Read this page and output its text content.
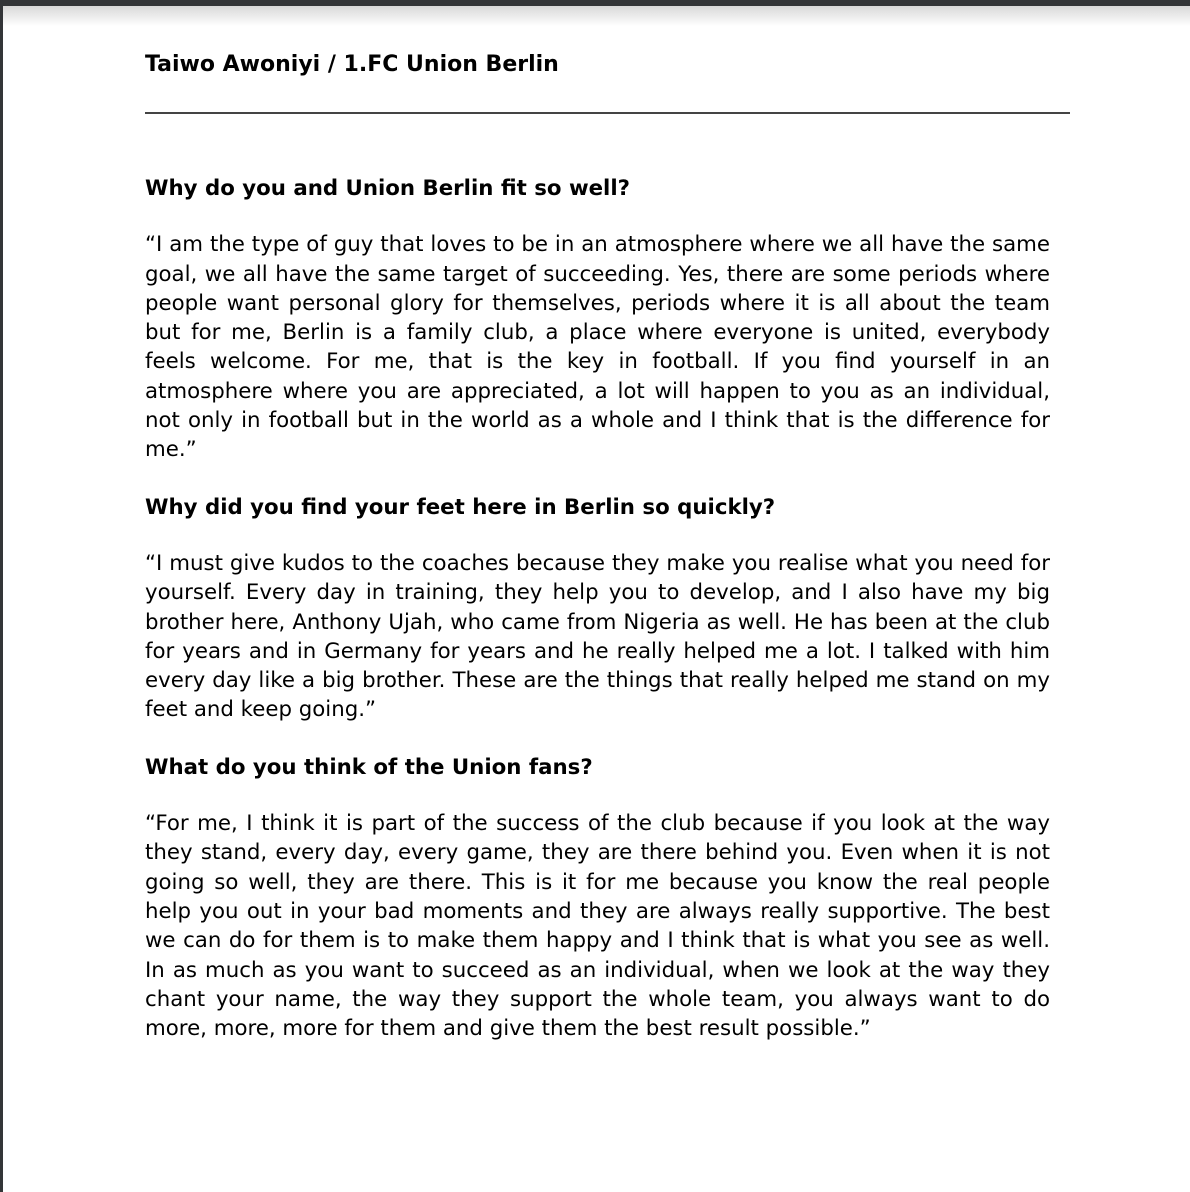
Taiwo Awoniyi / 1.FC Union Berlin
Why do you and Union Berlin fit so well?

“I am the type of guy that loves to be in an atmosphere where we all have the same goal, we all have the same target of succeeding. Yes, there are some periods where people want personal glory for themselves, periods where it is all about the team but for me, Berlin is a family club, a place where everyone is united, everybody feels welcome. For me, that is the key in football. If you find yourself in an atmosphere where you are appreciated, a lot will happen to you as an individual, not only in football but in the world as a whole and I think that is the difference for me.”

Why did you find your feet here in Berlin so quickly?

“I must give kudos to the coaches because they make you realise what you need for yourself. Every day in training, they help you to develop, and I also have my big brother here, Anthony Ujah, who came from Nigeria as well. He has been at the club for years and in Germany for years and he really helped me a lot. I talked with him every day like a big brother. These are the things that really helped me stand on my feet and keep going.”

What do you think of the Union fans?

“For me, I think it is part of the success of the club because if you look at the way they stand, every day, every game, they are there behind you. Even when it is not going so well, they are there. This is it for me because you know the real people help you out in your bad moments and they are always really supportive. The best we can do for them is to make them happy and I think that is what you see as well. In as much as you want to succeed as an individual, when we look at the way they chant your name, the way they support the whole team, you always want to do more, more, more for them and give them the best result possible.”
